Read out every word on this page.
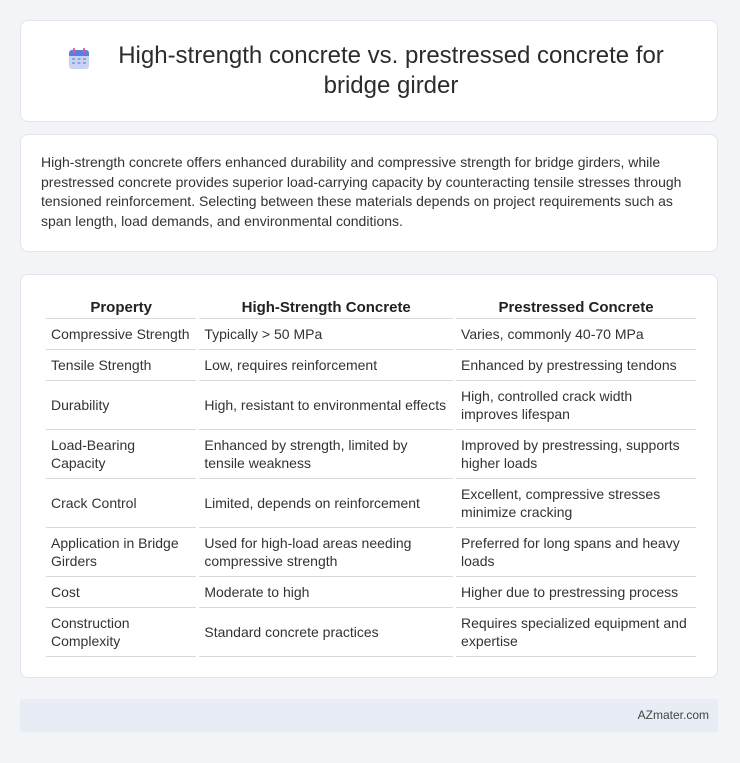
High-strength concrete vs. prestressed concrete for bridge girder

High-strength concrete offers enhanced durability and compressive strength for bridge girders, while prestressed concrete provides superior load-carrying capacity by counteracting tensile stresses through tensioned reinforcement. Selecting between these materials depends on project requirements such as span length, load demands, and environmental conditions.

Property	High-Strength Concrete	Prestressed Concrete
Compressive Strength	Typically > 50 MPa	Varies, commonly 40-70 MPa
Tensile Strength	Low, requires reinforcement	Enhanced by prestressing tendons
Durability	High, resistant to environmental effects	High, controlled crack width improves lifespan
Load-Bearing Capacity	Enhanced by strength, limited by tensile weakness	Improved by prestressing, supports higher loads
Crack Control	Limited, depends on reinforcement	Excellent, compressive stresses minimize cracking
Application in Bridge Girders	Used for high-load areas needing compressive strength	Preferred for long spans and heavy loads
Cost	Moderate to high	Higher due to prestressing process
Construction Complexity	Standard concrete practices	Requires specialized equipment and expertise
AZmater.com
